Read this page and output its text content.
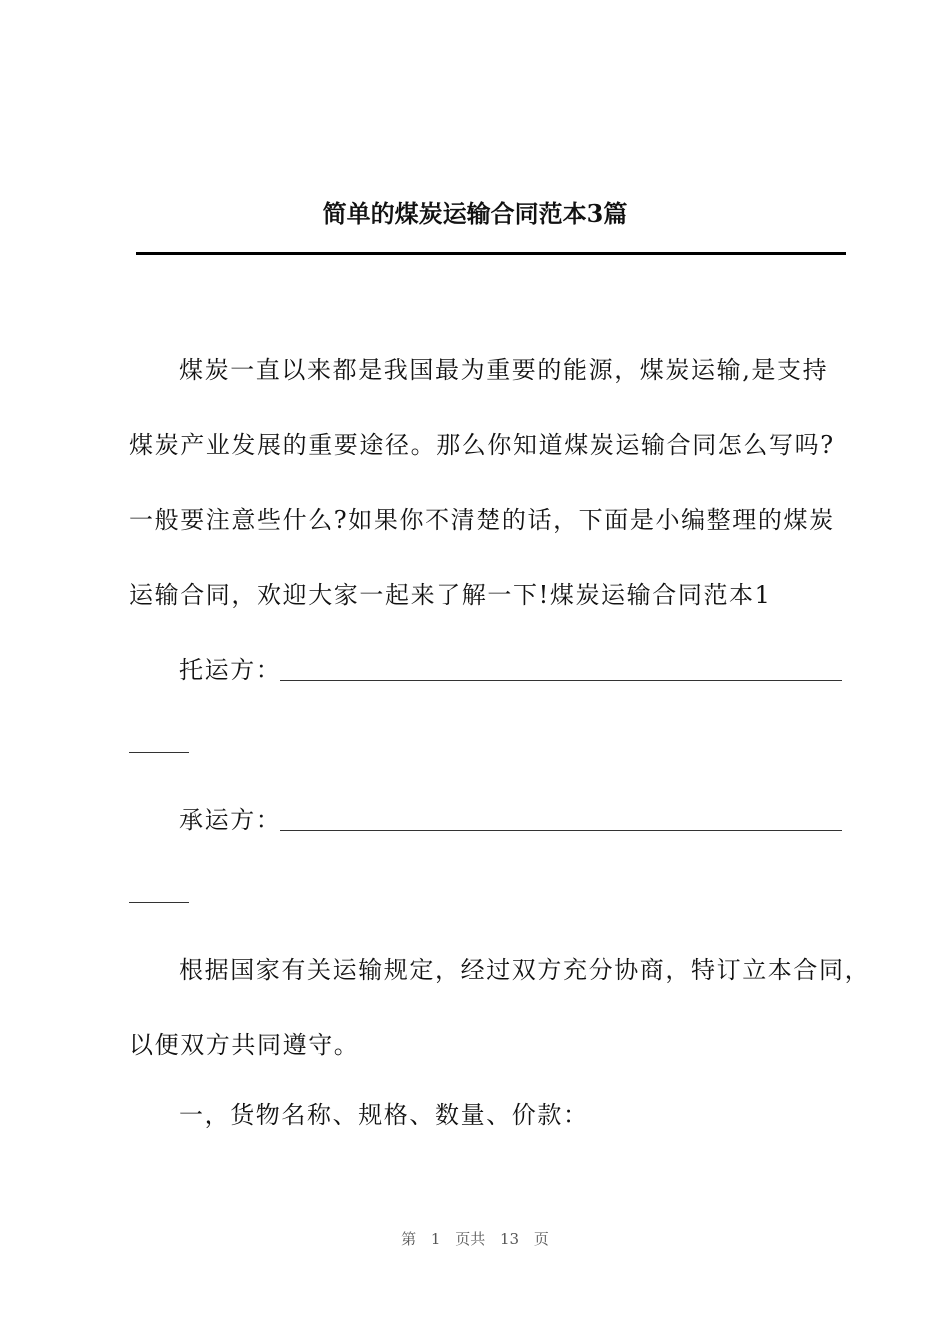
简单的煤炭运输合同范本3篇
煤炭一直以来都是我国最为重要的能源，煤炭运输,是支持
煤炭产业发展的重要途径。那么你知道煤炭运输合同怎么写吗?
一般要注意些什么?如果你不清楚的话，下面是小编整理的煤炭
运输合同，欢迎大家一起来了解一下!煤炭运输合同范本1
托运方：
承运方：
根据国家有关运输规定，经过双方充分协商，特订立本合同，
以便双方共同遵守。
一，货物名称、规格、数量、价款：
第 1 页共 13 页
